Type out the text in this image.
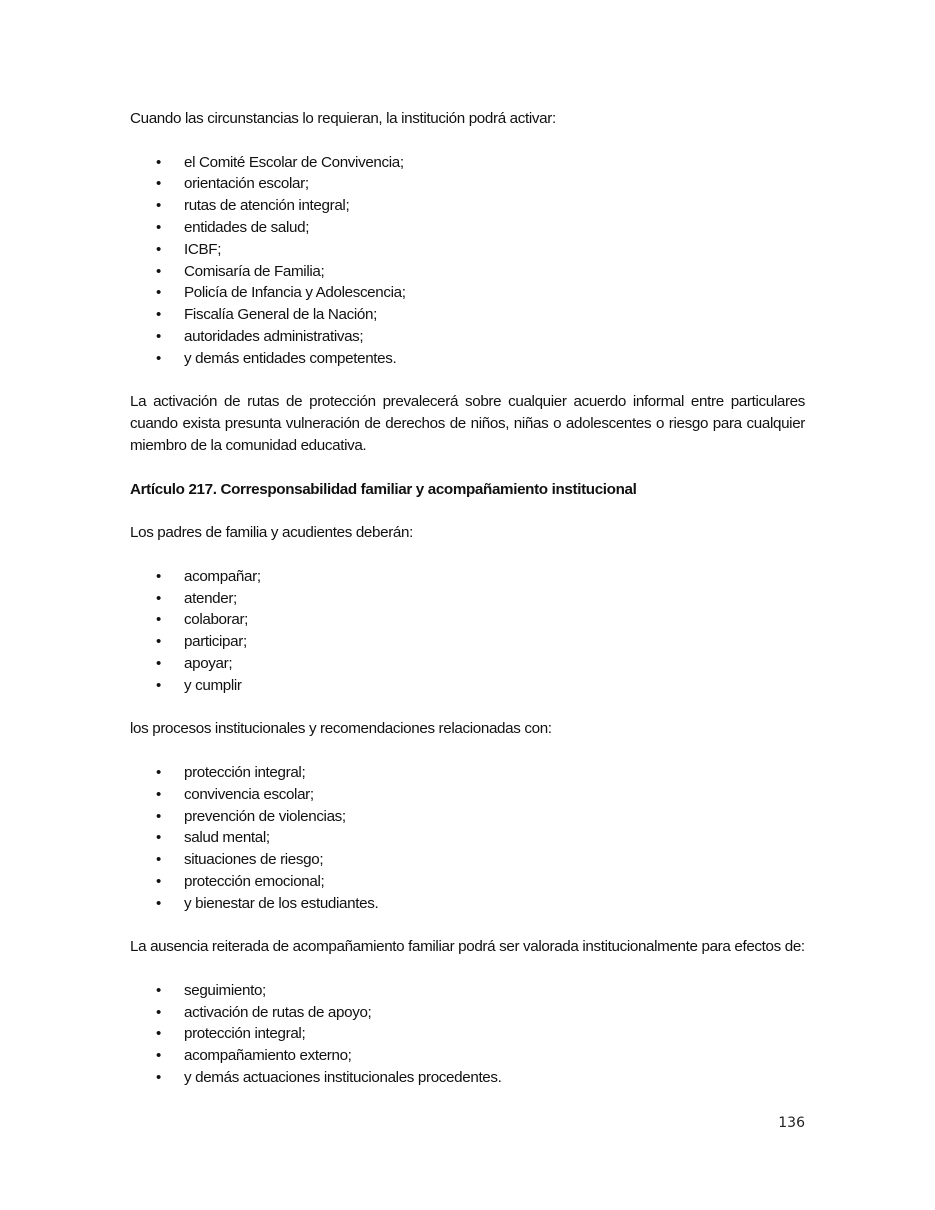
Cuando las circunstancias lo requieran, la institución podrá activar:

• el Comité Escolar de Convivencia;
• orientación escolar;
• rutas de atención integral;
• entidades de salud;
• ICBF;
• Comisaría de Familia;
• Policía de Infancia y Adolescencia;
• Fiscalía General de la Nación;
• autoridades administrativas;
• y demás entidades competentes.

La activación de rutas de protección prevalecerá sobre cualquier acuerdo informal entre particulares cuando exista presunta vulneración de derechos de niños, niñas o adolescentes o riesgo para cualquier miembro de la comunidad educativa.

Artículo 217. Corresponsabilidad familiar y acompañamiento institucional

Los padres de familia y acudientes deberán:

• acompañar;
• atender;
• colaborar;
• participar;
• apoyar;
• y cumplir

los procesos institucionales y recomendaciones relacionadas con:

• protección integral;
• convivencia escolar;
• prevención de violencias;
• salud mental;
• situaciones de riesgo;
• protección emocional;
• y bienestar de los estudiantes.

La ausencia reiterada de acompañamiento familiar podrá ser valorada institucionalmente para efectos de:

• seguimiento;
• activación de rutas de apoyo;
• protección integral;
• acompañamiento externo;
• y demás actuaciones institucionales procedentes.
136
